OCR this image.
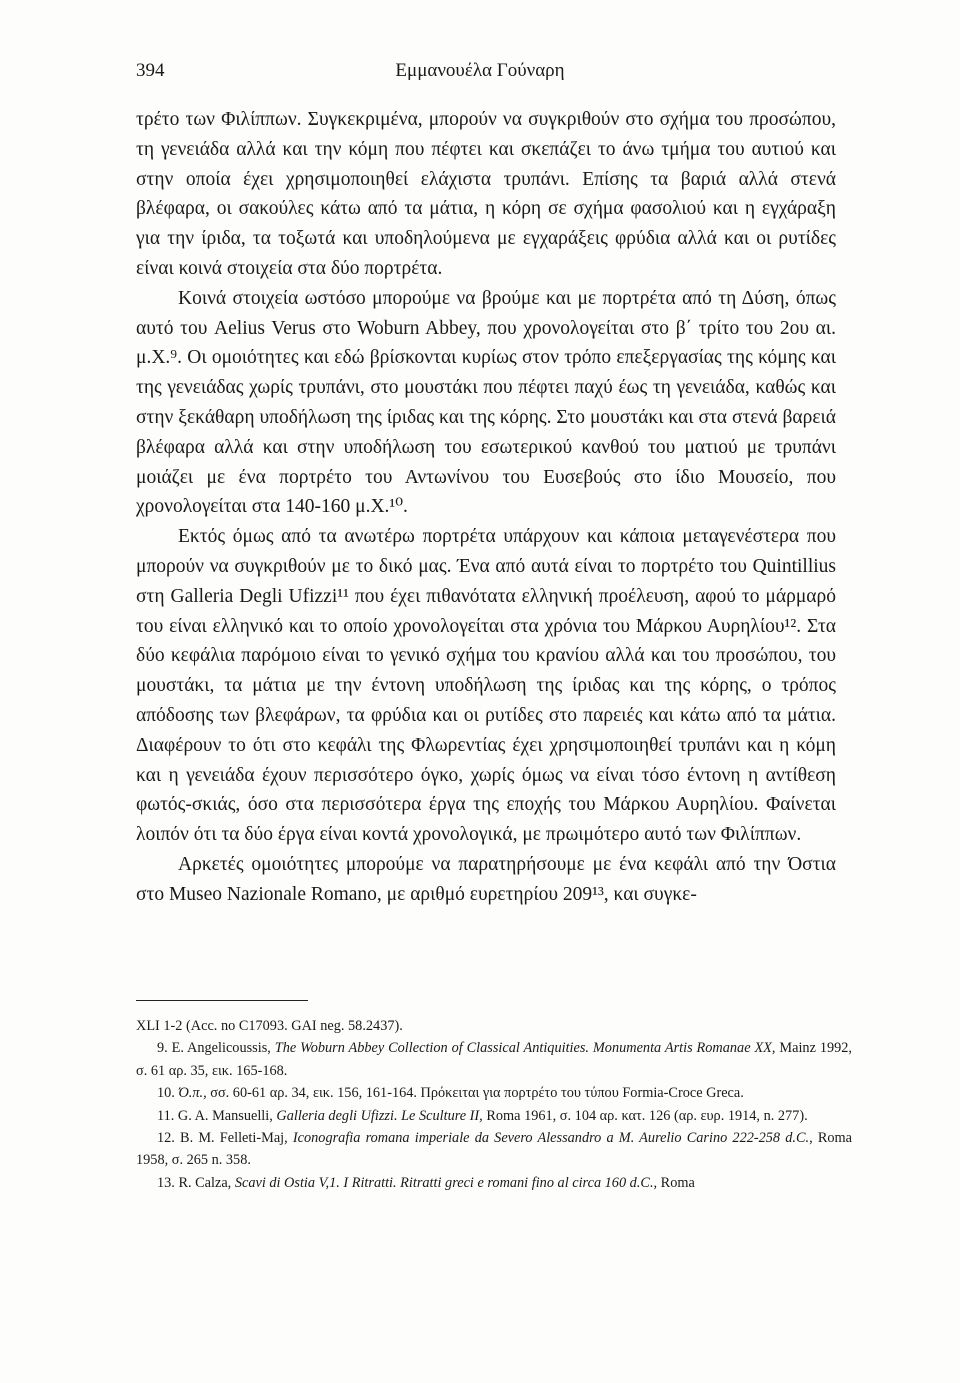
394	Εμμανουέλα Γούναρη

τρέτο των Φιλίππων. Συγκεκριμένα, μπορούν να συγκριθούν στο σχήμα του προσώπου, τη γενειάδα αλλά και την κόμη που πέφτει και σκεπάζει το άνω τμήμα του αυτιού και στην οποία έχει χρησιμοποιηθεί ελάχιστα τρυπάνι. Επίσης τα βαριά αλλά στενά βλέφαρα, οι σακούλες κάτω από τα μάτια, η κόρη σε σχήμα φασολιού και η εγχάραξη για την ίριδα, τα τοξωτά και υποδηλούμενα με εγχαράξεις φρύδια αλλά και οι ρυτίδες είναι κοινά στοιχεία στα δύο πορτρέτα.

Κοινά στοιχεία ωστόσο μπορούμε να βρούμε και με πορτρέτα από τη Δύση, όπως αυτό του Aelius Verus στο Woburn Abbey, που χρονολογείται στο β΄ τρίτο του 2ου αι. μ.Χ.⁹. Οι ομοιότητες και εδώ βρίσκονται κυρίως στον τρόπο επεξεργασίας της κόμης και της γενειάδας χωρίς τρυπάνι, στο μουστάκι που πέφτει παχύ έως τη γενειάδα, καθώς και στην ξεκάθαρη υποδήλωση της ίριδας και της κόρης. Στο μουστάκι και στα στενά βαρειά βλέφαρα αλλά και στην υποδήλωση του εσωτερικού κανθού του ματιού με τρυπάνι μοιάζει με ένα πορτρέτο του Αντωνίνου του Ευσεβούς στο ίδιο Μουσείο, που χρονολογείται στα 140-160 μ.Χ.¹⁰.

Εκτός όμως από τα ανωτέρω πορτρέτα υπάρχουν και κάποια μεταγενέστερα που μπορούν να συγκριθούν με το δικό μας. Ένα από αυτά είναι το πορτρέτο του Quintillius στη Galleria Degli Ufizzi¹¹ που έχει πιθανότατα ελληνική προέλευση, αφού το μάρμαρό του είναι ελληνικό και το οποίο χρονολογείται στα χρόνια του Μάρκου Αυρηλίου¹². Στα δύο κεφάλια παρόμοιο είναι το γενικό σχήμα του κρανίου αλλά και του προσώπου, του μουστάκι, τα μάτια με την έντονη υποδήλωση της ίριδας και της κόρης, ο τρόπος απόδοσης των βλεφάρων, τα φρύδια και οι ρυτίδες στο παρειές και κάτω από τα μάτια. Διαφέρουν το ότι στο κεφάλι της Φλωρεντίας έχει χρησιμοποιηθεί τρυπάνι και η κόμη και η γενειάδα έχουν περισσότερο όγκο, χωρίς όμως να είναι τόσο έντονη η αντίθεση φωτός-σκιάς, όσο στα περισσότερα έργα της εποχής του Μάρκου Αυρηλίου. Φαίνεται λοιπόν ότι τα δύο έργα είναι κοντά χρονολογικά, με πρωιμότερο αυτό των Φιλίππων.

Αρκετές ομοιότητες μπορούμε να παρατηρήσουμε με ένα κεφάλι από την Όστια στο Museo Nazionale Romano, με αριθμό ευρετηρίου 209¹³, και συγκε-

XLI 1-2 (Acc. no C17093. GAI neg. 58.2437).

9. E. Angelicoussis, The Woburn Abbey Collection of Classical Antiquities. Monumenta Artis Romanae XX, Mainz 1992, σ. 61 αρ. 35, εικ. 165-168.

10. Ό.π., σσ. 60-61 αρ. 34, εικ. 156, 161-164. Πρόκειται για πορτρέτο του τύπου Formia-Croce Greca.

11. G. A. Mansuelli, Galleria degli Ufizzi. Le Sculture II, Roma 1961, σ. 104 αρ. κατ. 126 (αρ. ευρ. 1914, n. 277).

12. B. M. Felleti-Maj, Iconografia romana imperiale da Severo Alessandro a M. Aurelio Carino 222-258 d.C., Roma 1958, σ. 265 n. 358.

13. R. Calza, Scavi di Ostia V,1. I Ritratti. Ritratti greci e romani fino al circa 160 d.C., Roma
